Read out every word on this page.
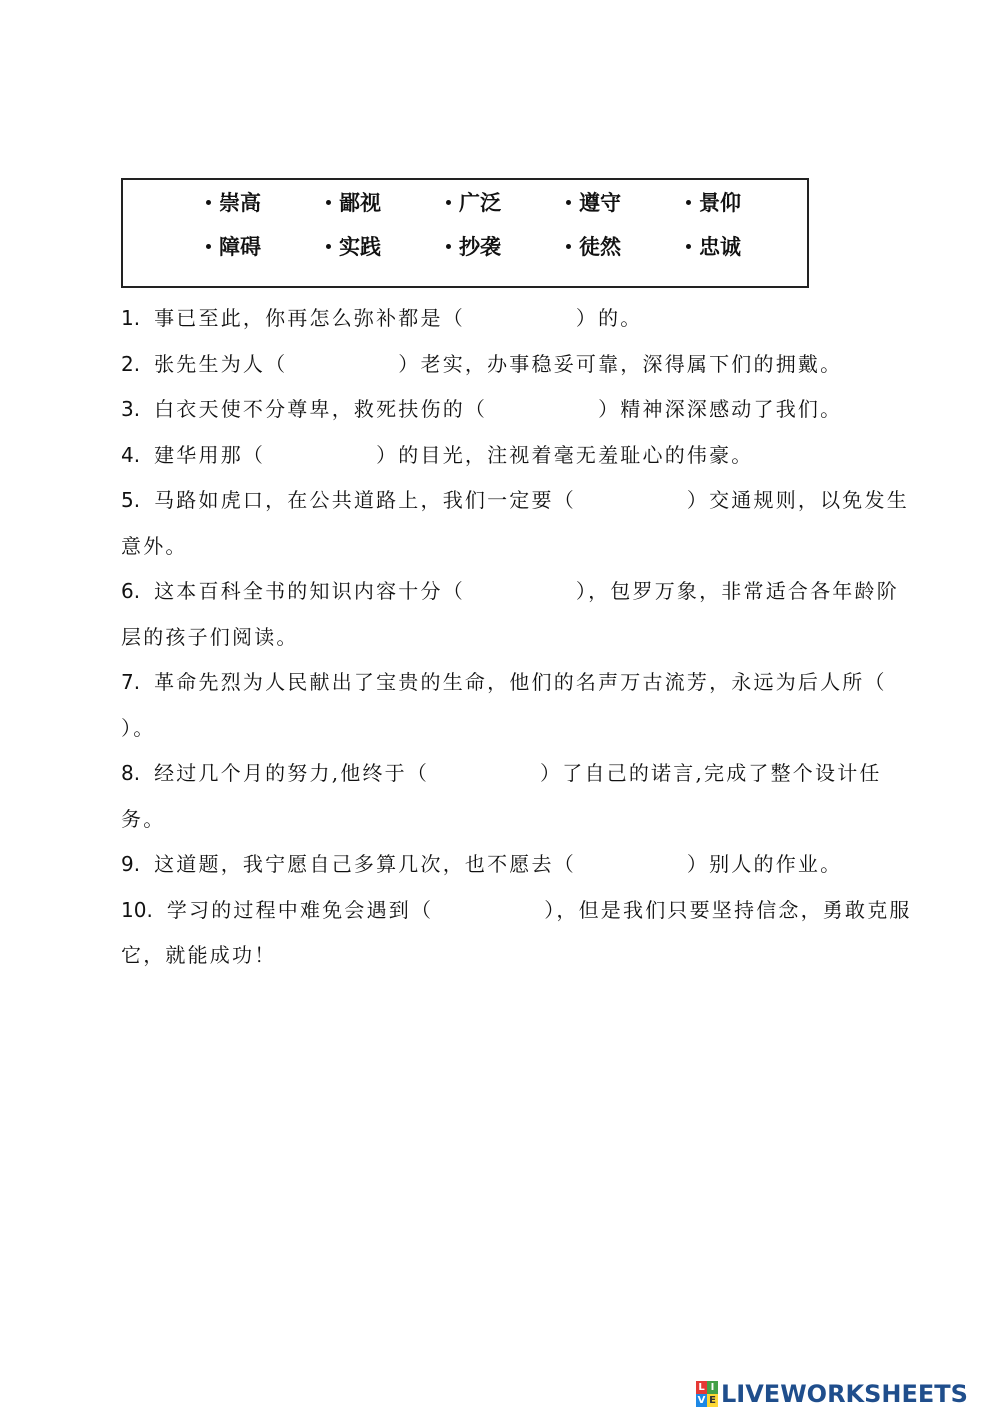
崇高	鄙视	广泛	遵守	景仰
障碍	实践	抄袭	徒然	忠诚
1. 事已至此，你再怎么弥补都是（　　　　　）的。
2. 张先生为人（　　　　　）老实，办事稳妥可靠，深得属下们的拥戴。
3. 白衣天使不分尊卑，救死扶伤的（　　　　　）精神深深感动了我们。
4. 建华用那（　　　　　）的目光，注视着毫无羞耻心的伟豪。
5. 马路如虎口，在公共道路上，我们一定要（　　　　　）交通规则，以免发生意外。
6. 这本百科全书的知识内容十分（　　　　　），包罗万象，非常适合各年龄阶层的孩子们阅读。
7. 革命先烈为人民献出了宝贵的生命，他们的名声万古流芳，永远为后人所（　　　　　）。
8. 经过几个月的努力,他终于（　　　　　）了自己的诺言,完成了整个设计任务。
9. 这道题，我宁愿自己多算几次，也不愿去（　　　　　）别人的作业。
10. 学习的过程中难免会遇到（　　　　　），但是我们只要坚持信念，勇敢克服它，就能成功！
L I
V E LIVEWORKSHEETS
